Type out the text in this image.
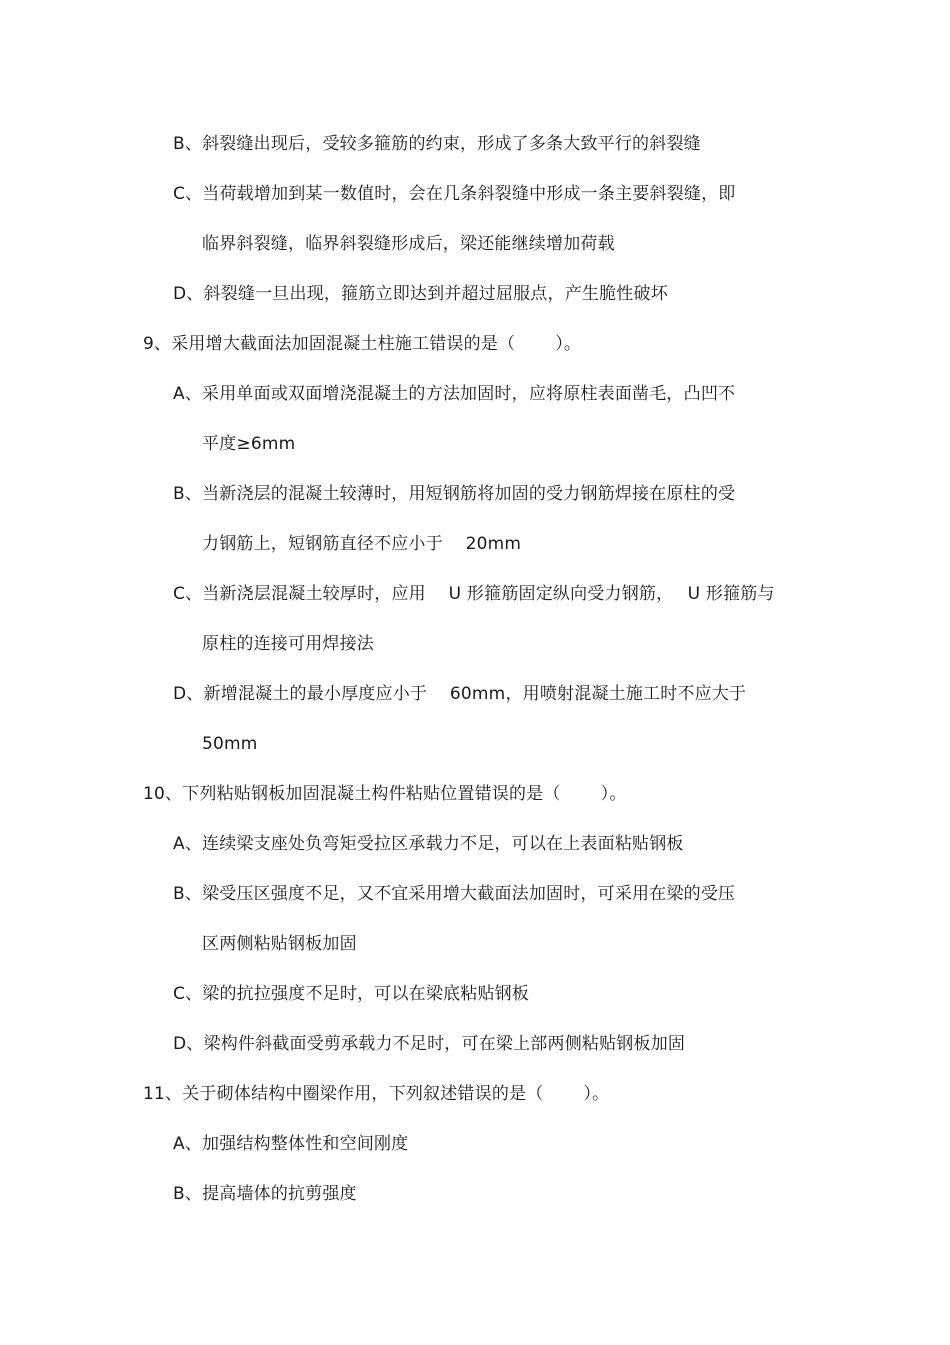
B、斜裂缝出现后，受较多箍筋的约束，形成了多条大致平行的斜裂缝
C、当荷载增加到某一数值时，会在几条斜裂缝中形成一条主要斜裂缝，即
临界斜裂缝，临界斜裂缝形成后，梁还能继续增加荷载
D、斜裂缝一旦出现，箍筋立即达到并超过屈服点，产生脆性破坏
9、采用增大截面法加固混凝土柱施工错误的是（　　 ）。
A、采用单面或双面增浇混凝土的方法加固时，应将原柱表面凿毛，凸凹不
平度≥6mm
B、当新浇层的混凝土较薄时，用短钢筋将加固的受力钢筋焊接在原柱的受
力钢筋上，短钢筋直径不应小于　 20mm
C、当新浇层混凝土较厚时，应用　 U 形箍筋固定纵向受力钢筋，　 U 形箍筋与
原柱的连接可用焊接法
D、新增混凝土的最小厚度应小于　 60mm，用喷射混凝土施工时不应大于
50mm
10、下列粘贴钢板加固混凝土构件粘贴位置错误的是（　　 ）。
A、连续梁支座处负弯矩受拉区承载力不足，可以在上表面粘贴钢板
B、梁受压区强度不足，又不宜采用增大截面法加固时，可采用在梁的受压
区两侧粘贴钢板加固
C、梁的抗拉强度不足时，可以在梁底粘贴钢板
D、梁构件斜截面受剪承载力不足时，可在梁上部两侧粘贴钢板加固
11、关于砌体结构中圈梁作用，下列叙述错误的是（　　 ）。
A、加强结构整体性和空间刚度
B、提高墙体的抗剪强度
